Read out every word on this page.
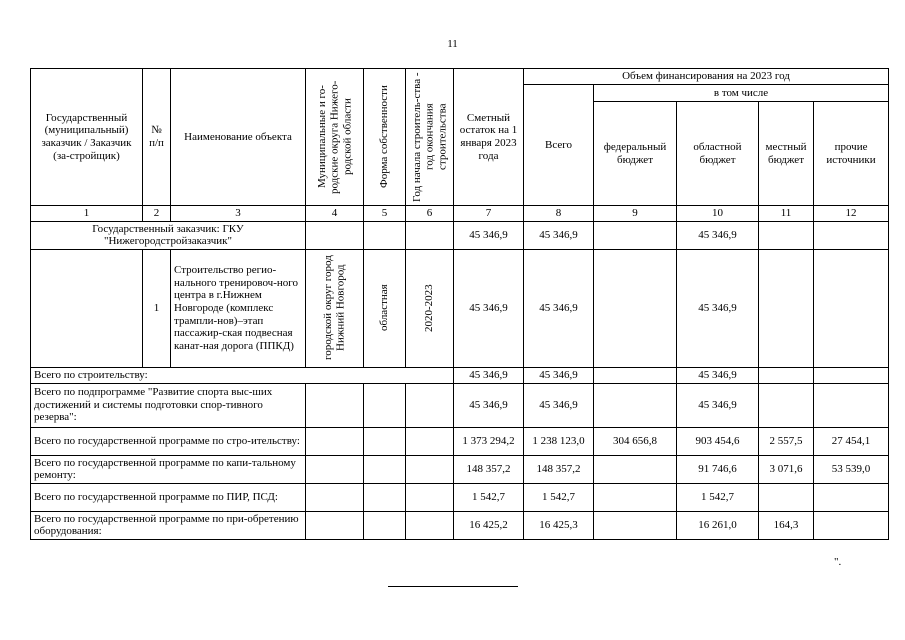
11
Государственный (муниципальный) заказчик / Заказчик (за-стройщик)	№ п/п	Наименование объекта	Муниципальные и го-родские округа Нижего-родской области	Форма собственности	Год начала строитель-ства - год окончания строительства	Сметный остаток на 1 января 2023 года	Объем финансирования на 2023 год				
							Всего	в том числе			
								федеральный бюджет	областной бюджет	местный бюджет	прочие источники
1	2	3	4	5	6	7	8	9	10	11	12
Государственный заказчик: ГКУ "Нижегородстройзаказчик"						45 346,9	45 346,9		45 346,9		
	1	Строительство регио-нального тренировоч-ного центра в г.Нижнем Новгороде (комплекс трампли-нов)–этап пассажир-ская подвесная канат-ная дорога (ППКД)	городской округ город Нижний Новгород	областная	2020-2023	45 346,9	45 346,9		45 346,9		
Всего по строительству:						45 346,9	45 346,9		45 346,9		
Всего по подпрограмме "Развитие спорта выс-ших достижений и системы подготовки спор-тивного резерва":						45 346,9	45 346,9		45 346,9		
Всего по государственной программе по стро-ительству:						1 373 294,2	1 238 123,0	304 656,8	903 454,6	2 557,5	27 454,1
Всего по государственной программе по капи-тальному ремонту:						148 357,2	148 357,2		91 746,6	3 071,6	53 539,0
Всего по государственной программе по ПИР, ПСД:						1 542,7	1 542,7		1 542,7		
Всего по государственной программе по при-обретению оборудования:						16 425,2	16 425,3		16 261,0	164,3	
".
